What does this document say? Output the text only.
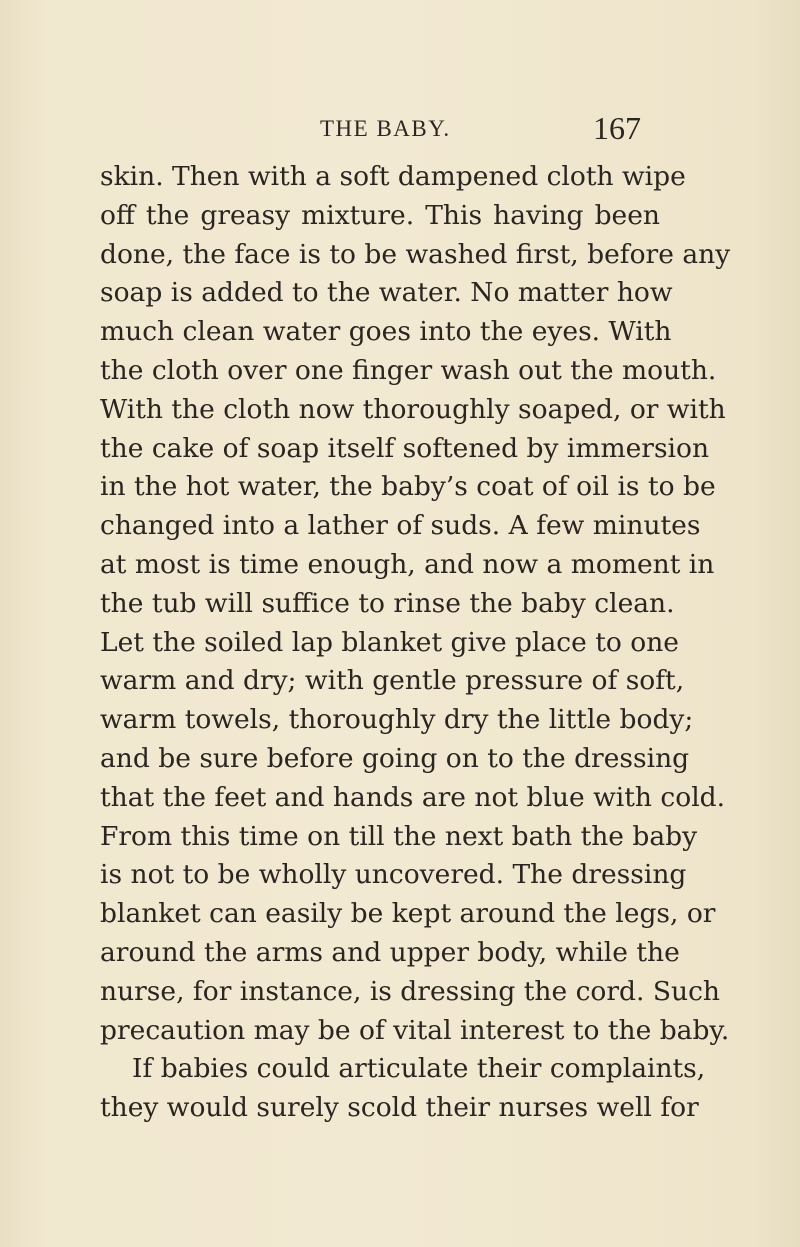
THE BABY.	167
skin. Then with a soft dampened cloth wipe
off the greasy mixture. This having been
done, the face is to be washed first, before any
soap is added to the water. No matter how
much clean water goes into the eyes. With
the cloth over one finger wash out the mouth.
With the cloth now thoroughly soaped, or with
the cake of soap itself softened by immersion
in the hot water, the baby’s coat of oil is to be
changed into a lather of suds. A few minutes
at most is time enough, and now a moment in
the tub will suffice to rinse the baby clean.
Let the soiled lap blanket give place to one
warm and dry; with gentle pressure of soft,
warm towels, thoroughly dry the little body;
and be sure before going on to the dressing
that the feet and hands are not blue with cold.
From this time on till the next bath the baby
is not to be wholly uncovered. The dressing
blanket can easily be kept around the legs, or
around the arms and upper body, while the
nurse, for instance, is dressing the cord. Such
precaution may be of vital interest to the baby.
If babies could articulate their complaints,
they would surely scold their nurses well for
